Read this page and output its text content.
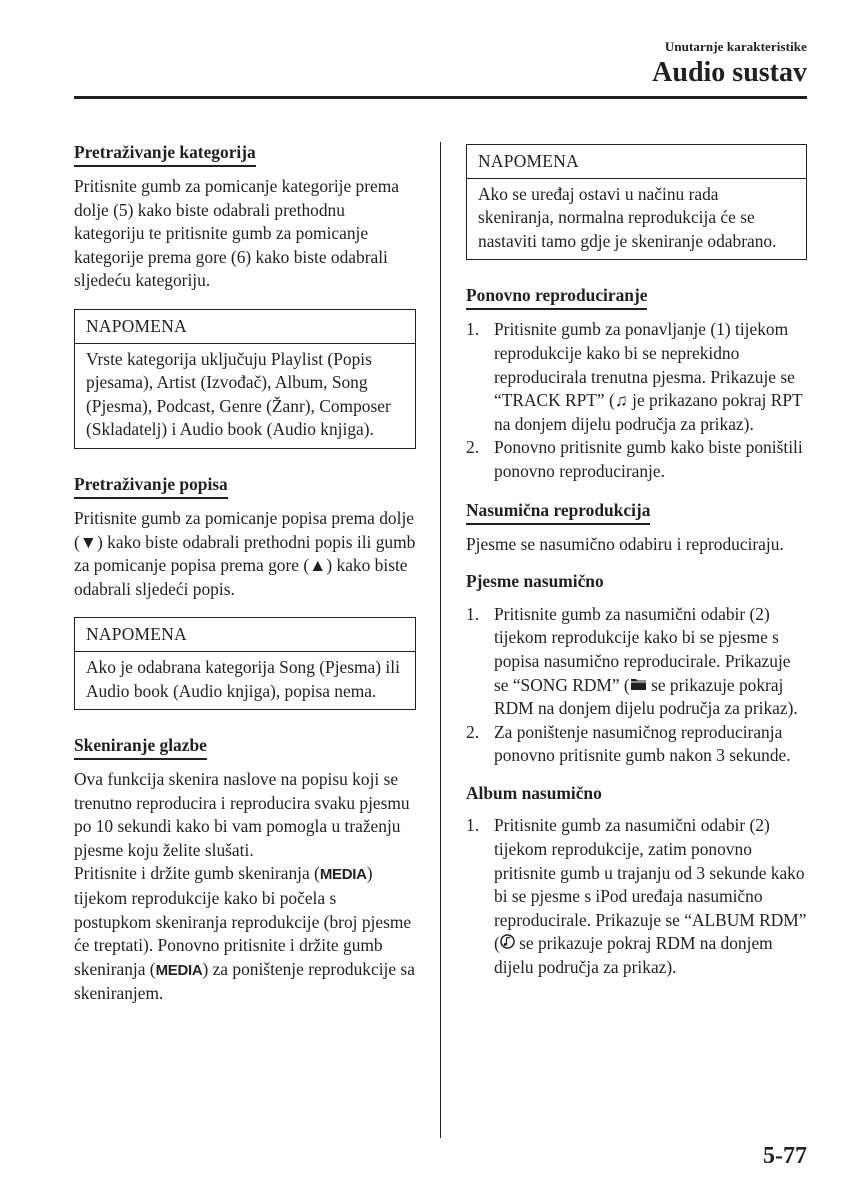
Unutarnje karakteristike
Audio sustav
Pretraživanje kategorija

Pritisnite gumb za pomicanje kategorije prema dolje (5) kako biste odabrali prethodnu kategoriju te pritisnite gumb za pomicanje kategorije prema gore (6) kako biste odabrali sljedeću kategoriju.

NAPOMENA
Vrste kategorija uključuju Playlist (Popis pjesama), Artist (Izvođač), Album, Song (Pjesma), Podcast, Genre (Žanr), Composer (Skladatelj) i Audio book (Audio knjiga).
Pretraživanje popisa

Pritisnite gumb za pomicanje popisa prema dolje (▼) kako biste odabrali prethodni popis ili gumb za pomicanje popisa prema gore (▲) kako biste odabrali sljedeći popis.

NAPOMENA
Ako je odabrana kategorija Song (Pjesma) ili Audio book (Audio knjiga), popisa nema.
Skeniranje glazbe

Ova funkcija skenira naslove na popisu koji se trenutno reproducira i reproducira svaku pjesmu po 10 sekundi kako bi vam pomogla u traženju pjesme koju želite slušati.

Pritisnite i držite gumb skeniranja (MEDIA) tijekom reprodukcije kako bi počela s postupkom skeniranja reprodukcije (broj pjesme će treptati). Ponovno pritisnite i držite gumb skeniranja (MEDIA) za poništenje reprodukcije sa skeniranjem.

NAPOMENA
Ako se uređaj ostavi u načinu rada skeniranja, normalna reprodukcija će se nastaviti tamo gdje je skeniranje odabrano.
Ponovno reproduciranje
1. Pritisnite gumb za ponavljanje (1) tijekom reprodukcije kako bi se neprekidno reproducirala trenutna pjesma. Prikazuje se “TRACK RPT” (♫ je prikazano pokraj RPT na donjem dijelu područja za prikaz).
2. Ponovno pritisnite gumb kako biste poništili ponovno reproduciranje.
Nasumična reprodukcija

Pjesme se nasumično odabiru i reproduciraju.

Pjesme nasumično
1. Pritisnite gumb za nasumični odabir (2) tijekom reprodukcije kako bi se pjesme s popisa nasumično reproducirale. Prikazuje se “SONG RDM” ( se prikazuje pokraj RDM na donjem dijelu područja za prikaz).
2. Za poništenje nasumičnog reproduciranja ponovno pritisnite gumb nakon 3 sekunde.
Album nasumično
1. Pritisnite gumb za nasumični odabir (2) tijekom reprodukcije, zatim ponovno pritisnite gumb u trajanju od 3 sekunde kako bi se pjesme s iPod uređaja nasumično reproducirale. Prikazuje se “ALBUM RDM” ( se prikazuje pokraj RDM na donjem dijelu područja za prikaz).
5-77
